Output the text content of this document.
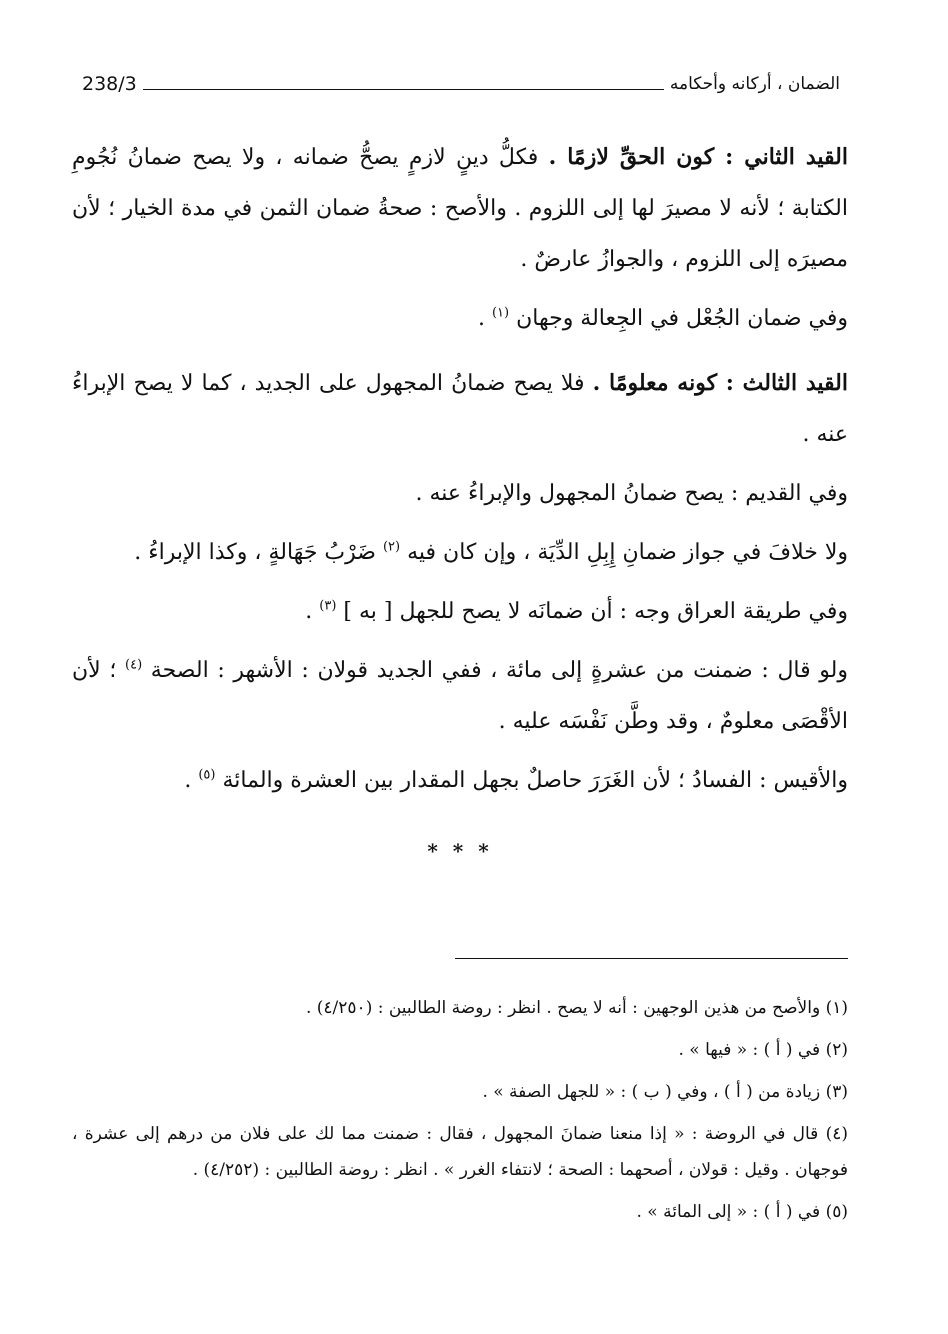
الضمان ، أركانه وأحكامه
238/3

القيد الثاني : كون الحقِّ لازمًا . فكلُّ دينٍ لازمٍ يصحُّ ضمانه ، ولا يصح ضمانُ نُجُومِ الكتابة ؛ لأنه لا مصيرَ لها إلى اللزوم . والأصح : صحةُ ضمان الثمن في مدة الخيار ؛ لأن مصيرَه إلى اللزوم ، والجوازُ عارضٌ .

وفي ضمان الجُعْل في الجِعالة وجهان $^{(١)}$ .

القيد الثالث : كونه معلومًا . فلا يصح ضمانُ المجهول على الجديد ، كما لا يصح الإبراءُ عنه .

وفي القديم : يصح ضمانُ المجهول والإبراءُ عنه .

ولا خلافَ في جواز ضمانِ إِبِلِ الدِّيَة ، وإن كان فيه $^{(٢)}$ ضَرْبُ جَهَالةٍ ، وكذا الإبراءُ .

وفي طريقة العراق وجه : أن ضمانَه لا يصح للجهل [ به ] $^{(٣)}$ .

ولو قال : ضمنت من عشرةٍ إلى مائة ، ففي الجديد قولان : الأشهر : الصحة $^{(٤)}$ ؛ لأن الأقْصَى معلومٌ ، وقد وطَّن نَفْسَه عليه .

والأقيس : الفسادُ ؛ لأن الغَرَرَ حاصلٌ بجهل المقدار بين العشرة والمائة $^{(٥)}$ .

* * *

(١) والأصح من هذين الوجهين : أنه لا يصح . انظر : روضة الطالبين : (٤/٢٥٠) .

(٢) في ( أ ) : « فيها » .

(٣) زيادة من ( أ ) ، وفي ( ب ) : « للجهل الصفة » .

(٤) قال في الروضة : « إذا منعنا ضمانَ المجهول ، فقال : ضمنت مما لك على فلان من درهم إلى عشرة ، فوجهان . وقيل : قولان ، أصحهما : الصحة ؛ لانتفاء الغرر » . انظر : روضة الطالبين : (٤/٢٥٢) .

(٥) في ( أ ) : « إلى المائة » .
